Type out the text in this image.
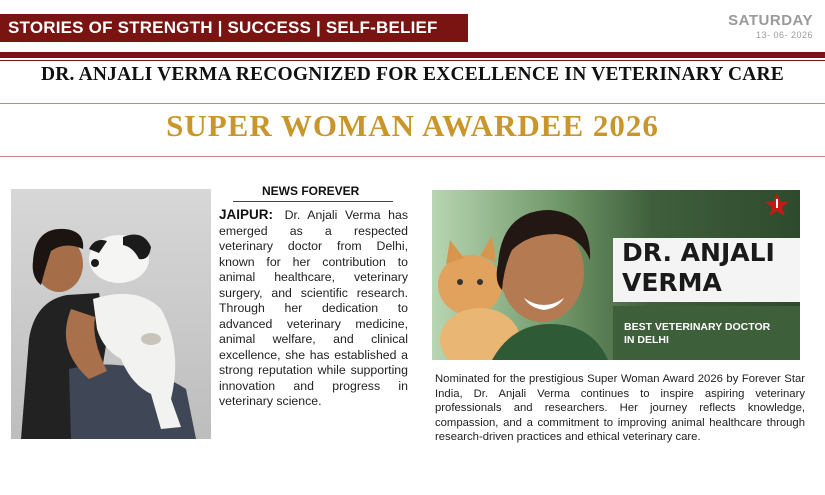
STORIES OF STRENGTH | SUCCESS | SELF-BELIEF	SATURDAY
13- 06- 2026
DR. ANJALI VERMA RECOGNIZED FOR EXCELLENCE IN VETERINARY CARE
SUPER WOMAN AWARDEE 2026
NEWS FOREVER
JAIPUR: Dr. Anjali Verma has emerged as a respected veterinary doctor from Delhi, known for her contribution to animal healthcare, veterinary surgery, and scientific research. Through her dedication to advanced veterinary medicine, animal welfare, and clinical excellence, she has established a strong reputation while supporting innovation and progress in veterinary science.
DR. ANJALI
VERMA
BEST VETERINARY DOCTOR
IN DELHI
Nominated for the prestigious Super Woman Award 2026 by Forever Star India, Dr. Anjali Verma continues to inspire aspiring veterinary professionals and researchers. Her journey reflects knowledge, compassion, and a commitment to improving animal healthcare through research-driven practices and ethical veterinary care.
